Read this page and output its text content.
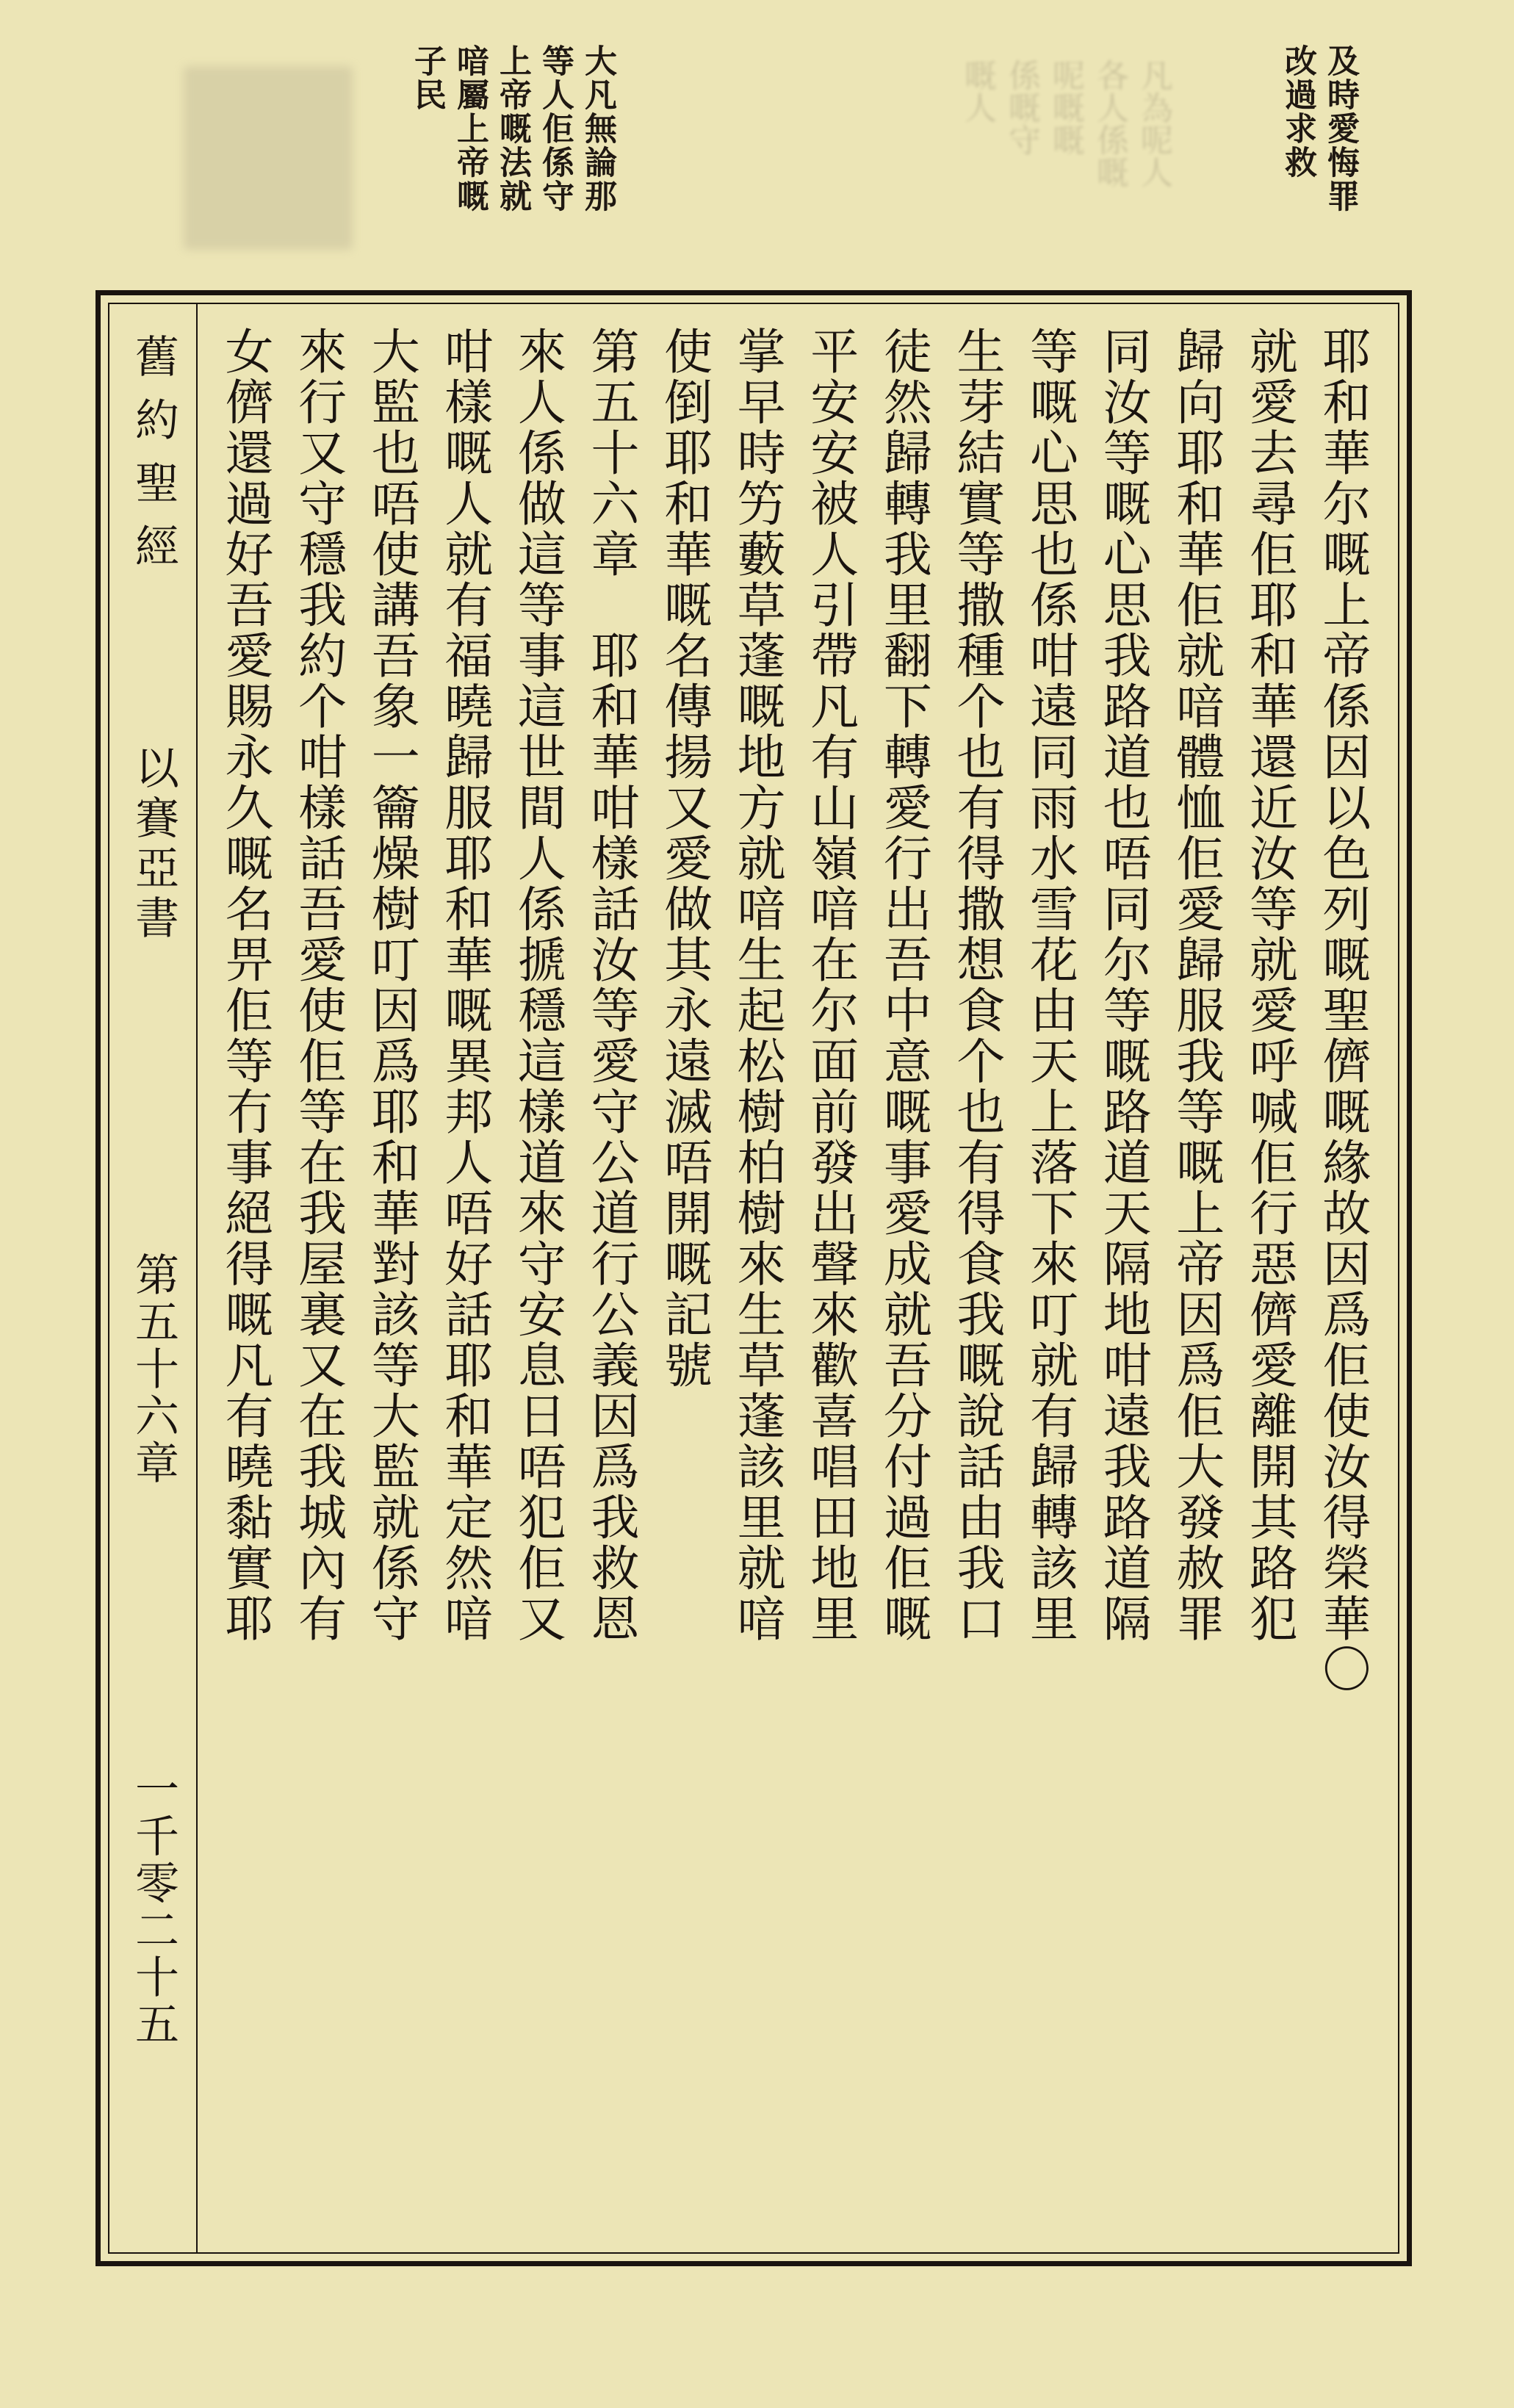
及時愛悔罪
改過求救
凡為呢人
各人係嘅
呢嘅嘅
係嘅守
嘅人
大凡無論那
等人佢係守
上帝嘅法就
喑屬上帝嘅
子民
舊約聖經
以賽亞書
第五十六章
一千零二十五
耶和華尔嘅上帝係因以色列嘅聖儕嘅緣故因爲佢使汝得榮華〇
就愛去尋佢耶和華還近汝等就愛呼喊佢行惡儕愛離開其路犯
歸向耶和華佢就喑體恤佢愛歸服我等嘅上帝因爲佢大發赦罪
同汝等嘅心思我路道也唔同尔等嘅路道天隔地咁遠我路道隔
等嘅心思也係咁遠同雨水雪花由天上落下來叮就有歸轉該里
生芽結實等撒種个也有得撒想食个也有得食我嘅說話由我口
徒然歸轉我里翻下轉愛行出吾中意嘅事愛成就吾分付過佢嘅
平安安被人引帶凡有山嶺喑在尔面前發出聲來歡喜唱田地里
掌早時竻藪草蓬嘅地方就喑生起松樹柏樹來生草蓬該里就喑
使倒耶和華嘅名傳揚又愛做其永遠滅唔開嘅記號
第五十六章　耶和華咁樣話汝等愛守公道行公義因爲我救恩
來人係做這等事這世間人係搋穩這樣道來守安息日唔犯佢又
咁樣嘅人就有福曉歸服耶和華嘅異邦人唔好話耶和華定然喑
大監也唔使講吾象一籥燥樹叮因爲耶和華對該等大監就係守
來行又守穩我約个咁樣話吾愛使佢等在我屋裏又在我城內有
女儕還過好吾愛賜永久嘅名畀佢等冇事絕得嘅凡有曉黏實耶
